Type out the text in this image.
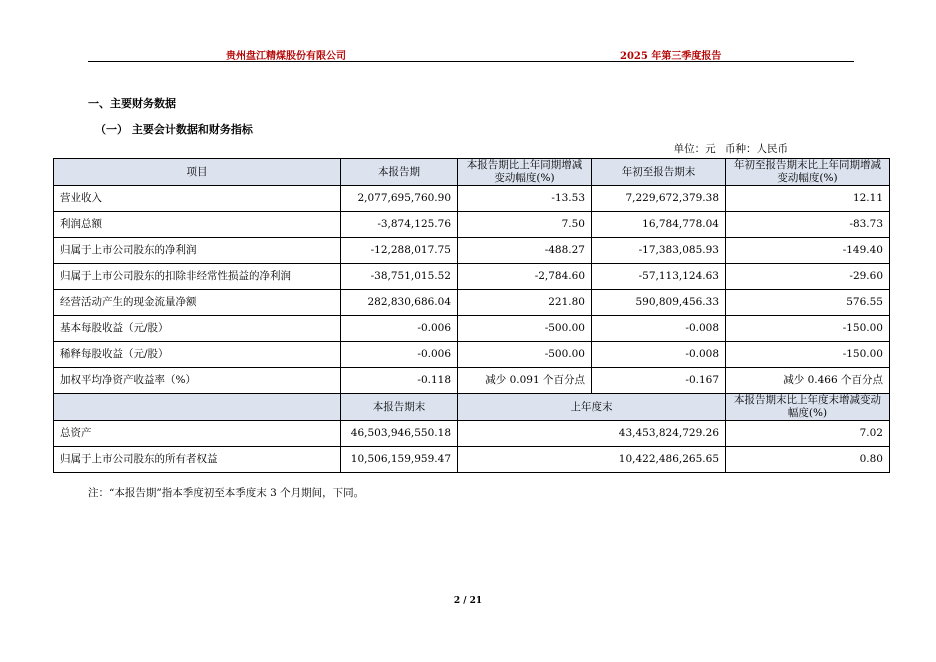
贵州盘江精煤股份有限公司	2025 年第三季度报告
一、主要财务数据
（一） 主要会计数据和财务指标
单位：元 币种：人民币
项目	本报告期	本报告期比上年同期增减变动幅度(%)	年初至报告期末	年初至报告期末比上年同期增减变动幅度(%)
营业收入	2,077,695,760.90	-13.53	7,229,672,379.38	12.11
利润总额	-3,874,125.76	7.50	16,784,778.04	-83.73
归属于上市公司股东的净利润	-12,288,017.75	-488.27	-17,383,085.93	-149.40
归属于上市公司股东的扣除非经常性损益的净利润	-38,751,015.52	-2,784.60	-57,113,124.63	-29.60
经营活动产生的现金流量净额	282,830,686.04	221.80	590,809,456.33	576.55
基本每股收益（元/股）	-0.006	-500.00	-0.008	-150.00
稀释每股收益（元/股）	-0.006	-500.00	-0.008	-150.00
加权平均净资产收益率（%）	-0.118	减少 0.091 个百分点	-0.167	减少 0.466 个百分点
	本报告期末	上年度末		本报告期末比上年度末增减变动幅度(%)
总资产	46,503,946,550.18	43,453,824,729.26		7.02
归属于上市公司股东的所有者权益	10,506,159,959.47	10,422,486,265.65		0.80
注：“本报告期”指本季度初至本季度末 3 个月期间，下同。
2 / 21
